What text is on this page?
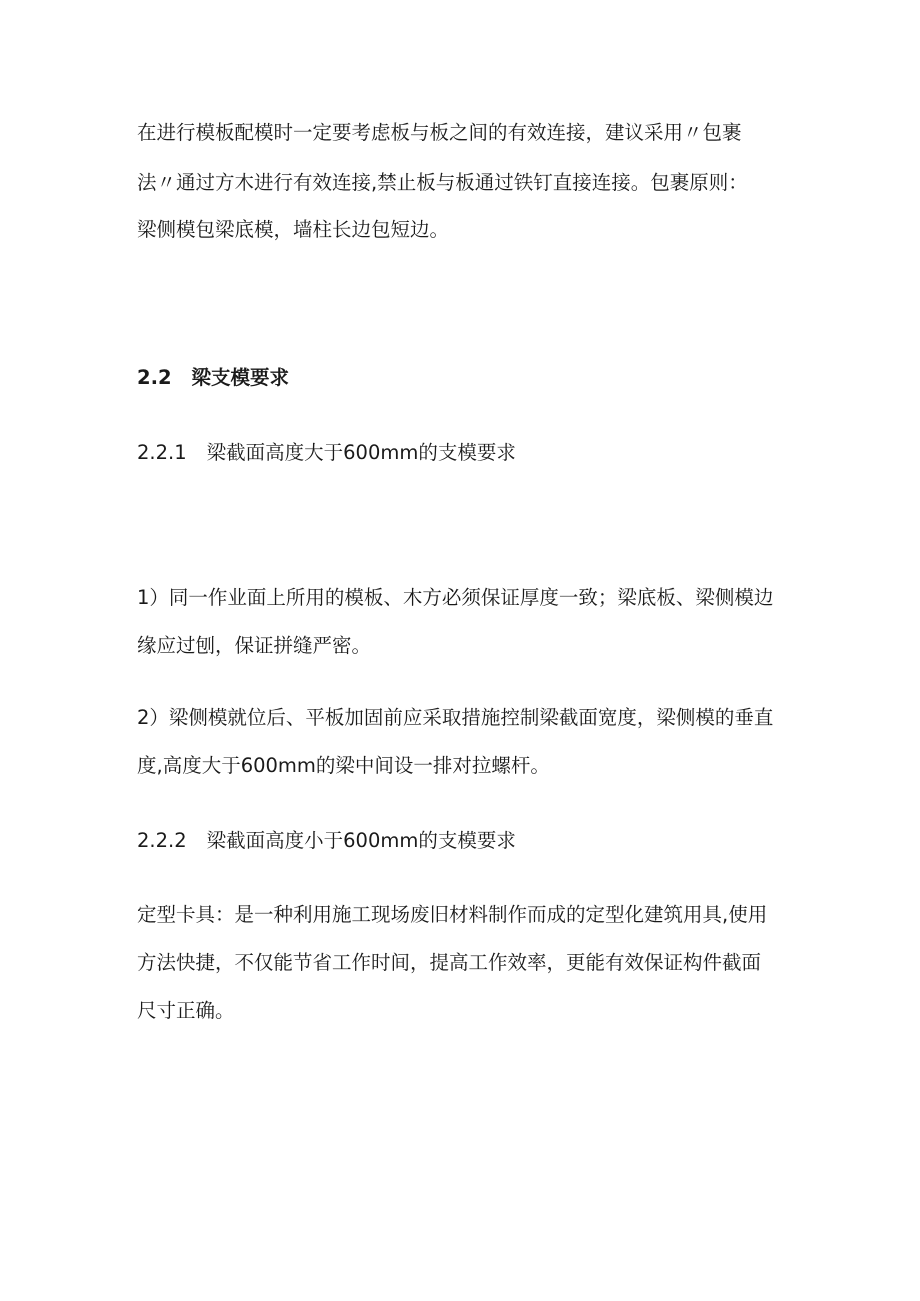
在进行模板配模时一定要考虑板与板之间的有效连接，建议采用〃包裹

法〃通过方木进行有效连接,禁止板与板通过铁钉直接连接。包裹原则：

梁侧模包梁底模，墙柱长边包短边。

2.2 梁支模要求
2.2.1 梁截面高度大于600mm的支模要求

1）同一作业面上所用的模板、木方必须保证厚度一致；梁底板、梁侧模边

缘应过刨，保证拼缝严密。

2）梁侧模就位后、平板加固前应采取措施控制梁截面宽度，梁侧模的垂直

度,高度大于600mm的梁中间设一排对拉螺杆。

2.2.2 梁截面高度小于600mm的支模要求

定型卡具：是一种利用施工现场废旧材料制作而成的定型化建筑用具,使用

方法快捷，不仅能节省工作时间，提高工作效率，更能有效保证构件截面

尺寸正确。
